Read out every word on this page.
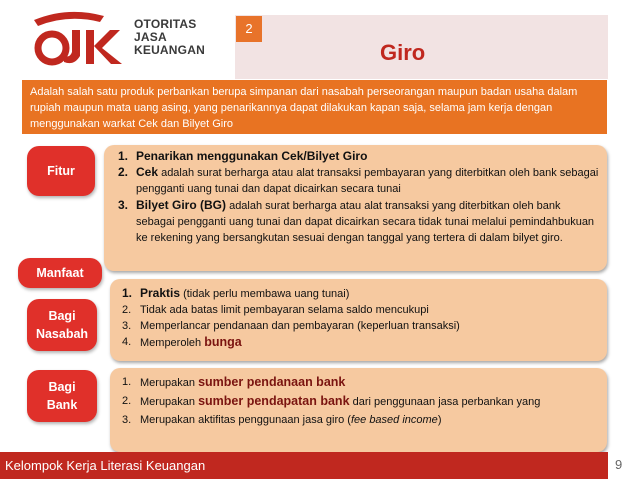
OTORITAS
JASA
KEUANGAN
2
Giro
Adalah salah satu produk perbankan berupa simpanan dari nasabah perseorangan maupun badan usaha dalam rupiah maupun mata uang asing, yang penarikannya dapat dilakukan kapan saja, selama jam kerja dengan menggunakan warkat Cek dan Bilyet Giro
Fitur
1. Penarikan menggunakan Cek/Bilyet Giro
2. Cek adalah surat berharga atau alat transaksi pembayaran yang diterbitkan oleh bank sebagai pengganti uang tunai dan dapat dicairkan secara tunai
3. Bilyet Giro (BG) adalah surat berharga atau alat transaksi yang diterbitkan oleh bank sebagai pengganti uang tunai dan dapat dicairkan secara tidak tunai melalui pemindahbukuan ke rekening yang bersangkutan sesuai dengan tanggal yang tertera di dalam bilyet giro.
Manfaat
Bagi
Nasabah
1. Praktis (tidak perlu membawa uang tunai)
2. Tidak ada batas limit pembayaran selama saldo mencukupi
3. Memperlancar pendanaan dan pembayaran (keperluan transaksi)
4. Memperoleh bunga
Bagi
Bank
1. Merupakan sumber pendanaan bank
2. Merupakan sumber pendapatan bank dari penggunaan jasa perbankan yang
3. Merupakan aktifitas penggunaan jasa giro (fee based income)
Kelompok Kerja Literasi Keuangan	9
